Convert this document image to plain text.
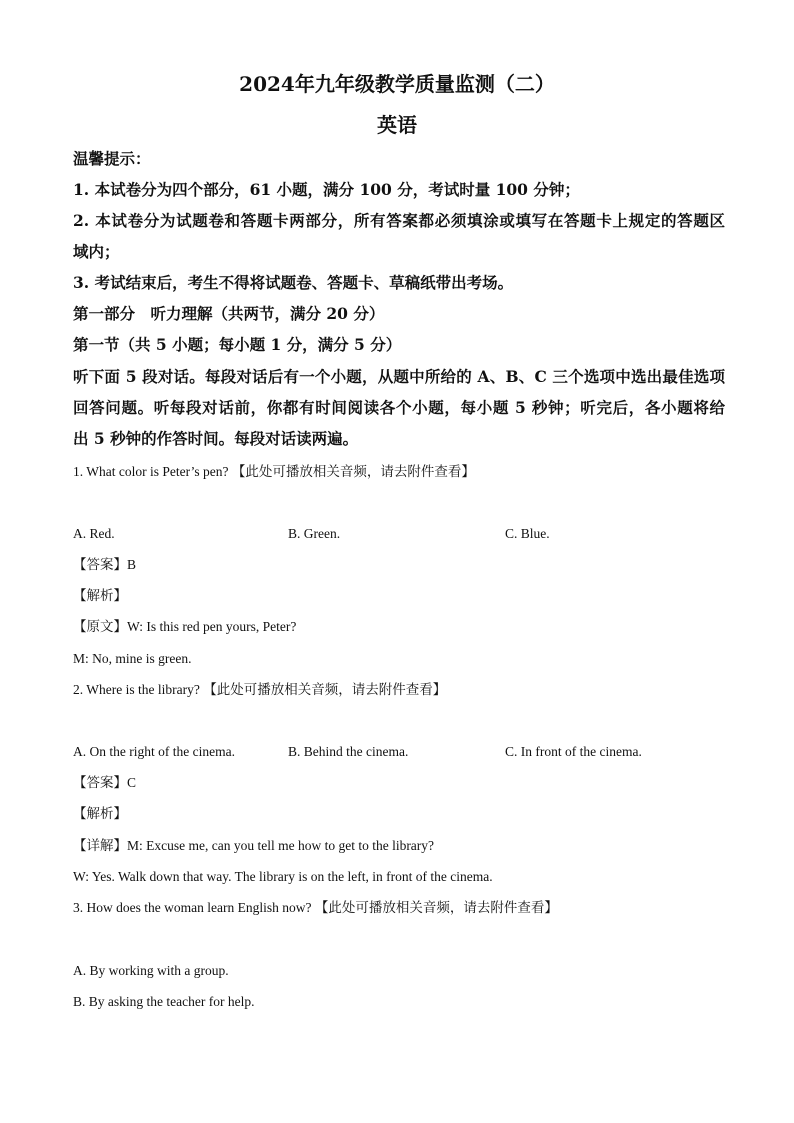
2024年九年级教学质量监测（二）
英语
温馨提示：
1. 本试卷分为四个部分，61 小题，满分 100 分，考试时量 100 分钟；
2. 本试卷分为试题卷和答题卡两部分，所有答案都必须填涂或填写在答题卡上规定的答题区
域内；
3. 考试结束后，考生不得将试题卷、答题卡、草稿纸带出考场。
第一部分　听力理解（共两节，满分 20 分）
第一节（共 5 小题；每小题 1 分，满分 5 分）
听下面 5 段对话。每段对话后有一个小题，从题中所给的 A、B、C 三个选项中选出最佳选项
回答问题。听每段对话前，你都有时间阅读各个小题，每小题 5 秒钟；听完后，各小题将给
出 5 秒钟的作答时间。每段对话读两遍。
1. What color is Peter’s pen? 【此处可播放相关音频，请去附件查看】
A. Red.	B. Green.	C. Blue.
【答案】B
【解析】
【原文】W: Is this red pen yours, Peter?
M: No, mine is green.
2. Where is the library? 【此处可播放相关音频，请去附件查看】
A. On the right of the cinema.	B. Behind the cinema.	C. In front of the cinema.
【答案】C
【解析】
【详解】M: Excuse me, can you tell me how to get to the library?
W: Yes. Walk down that way. The library is on the left, in front of the cinema.
3. How does the woman learn English now? 【此处可播放相关音频，请去附件查看】
A. By working with a group.
B. By asking the teacher for help.
